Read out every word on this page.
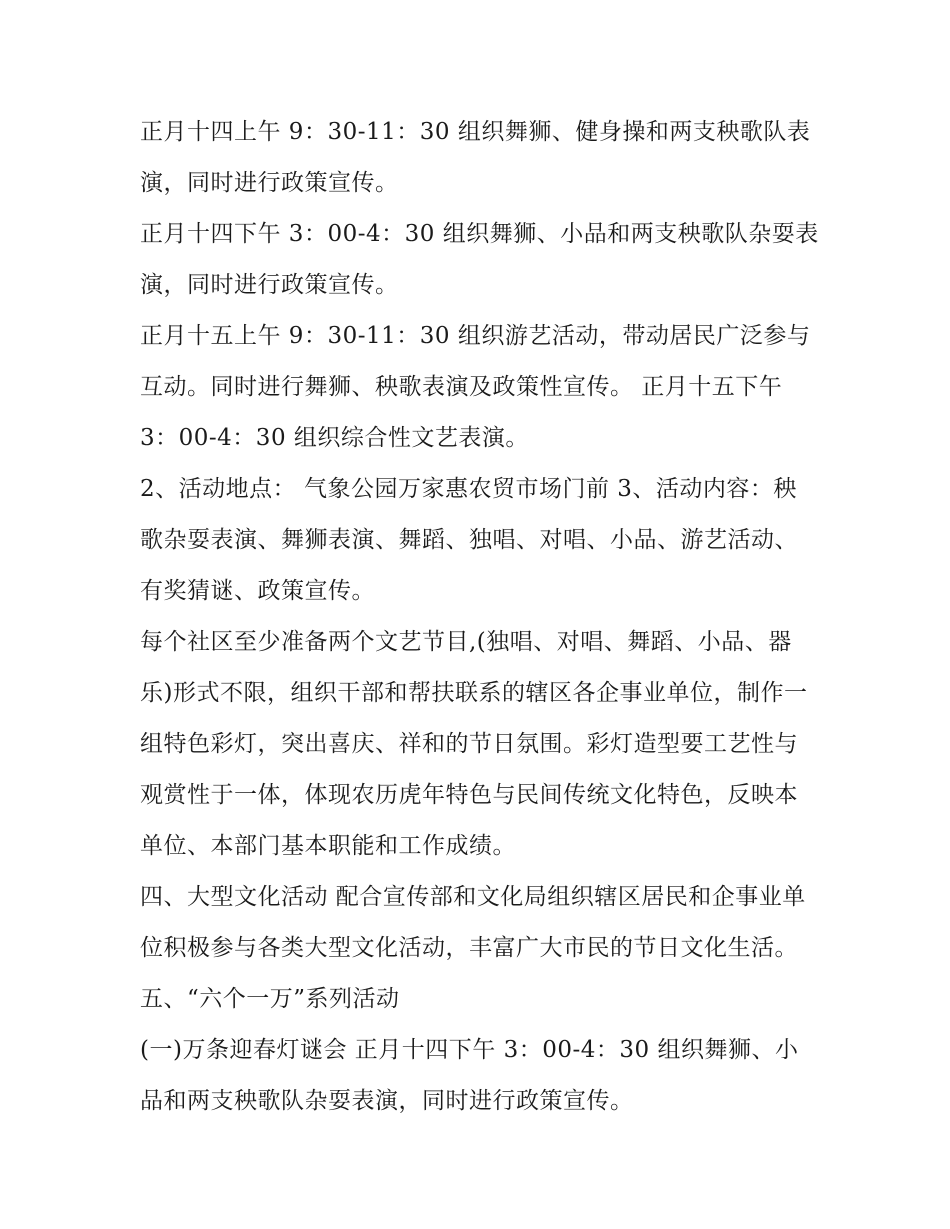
正月十四上午 9：30-11：30 组织舞狮、健身操和两支秧歌队表演，同时进行政策宣传。

正月十四下午 3：00-4：30 组织舞狮、小品和两支秧歌队杂耍表演，同时进行政策宣传。

正月十五上午 9：30-11：30 组织游艺活动，带动居民广泛参与互动。同时进行舞狮、秧歌表演及政策性宣传。 正月十五下午 3：00-4：30 组织综合性文艺表演。

2、活动地点： 气象公园万家惠农贸市场门前 3、活动内容：秧歌杂耍表演、舞狮表演、舞蹈、独唱、对唱、小品、游艺活动、有奖猜谜、政策宣传。

每个社区至少准备两个文艺节目,(独唱、对唱、舞蹈、小品、器乐)形式不限，组织干部和帮扶联系的辖区各企事业单位，制作一组特色彩灯，突出喜庆、祥和的节日氛围。彩灯造型要工艺性与观赏性于一体，体现农历虎年特色与民间传统文化特色，反映本单位、本部门基本职能和工作成绩。

四、大型文化活动 配合宣传部和文化局组织辖区居民和企事业单位积极参与各类大型文化活动，丰富广大市民的节日文化生活。 五、“六个一万”系列活动

(一)万条迎春灯谜会 正月十四下午 3：00-4：30 组织舞狮、小品和两支秧歌队杂耍表演，同时进行政策宣传。
